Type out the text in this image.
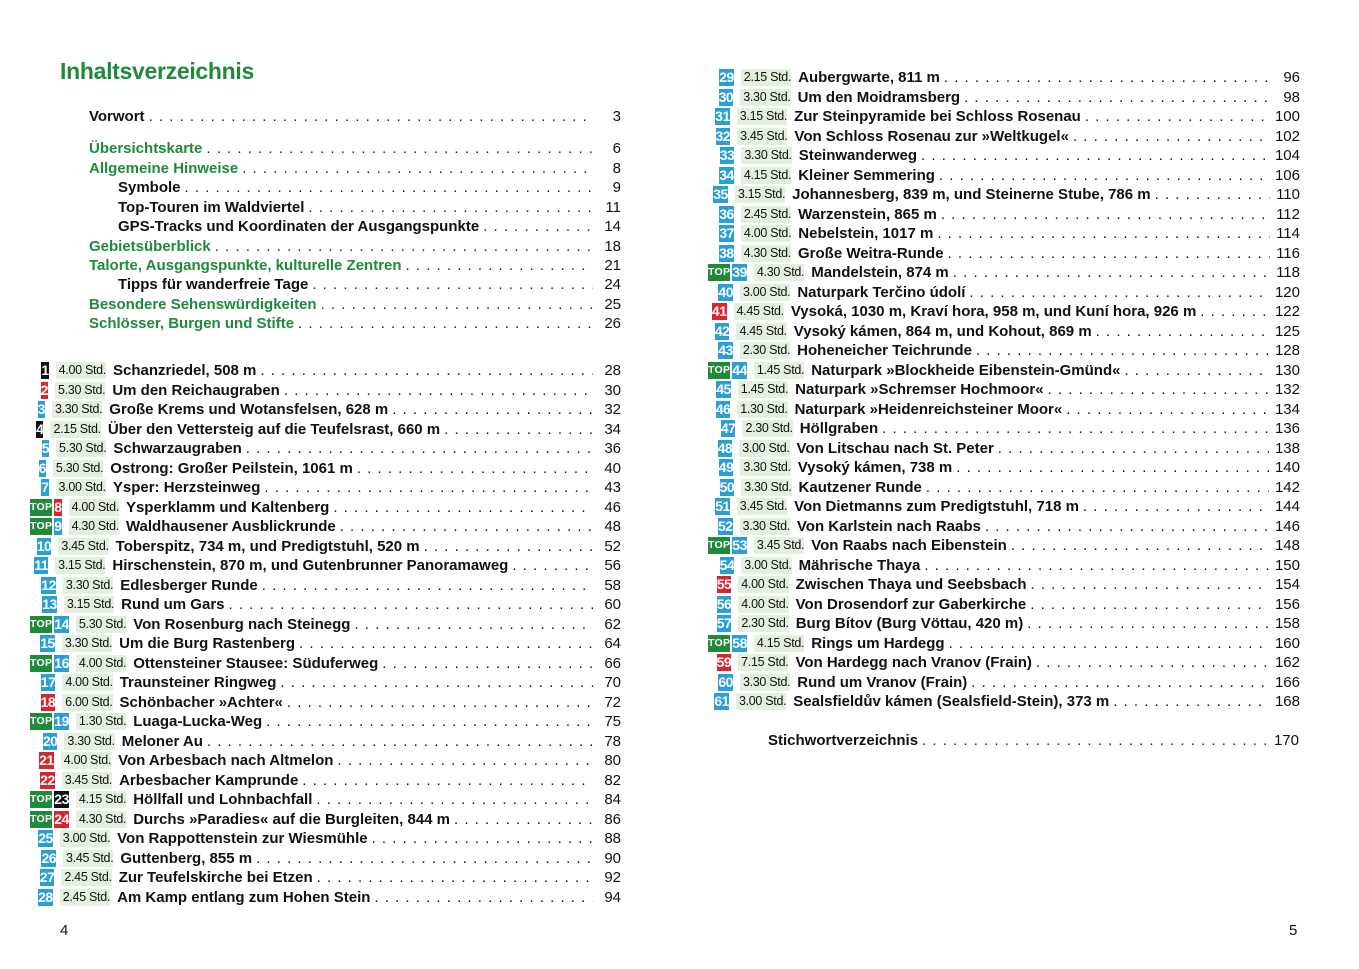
Inhaltsverzeichnis
Vorwort . . .	3
Übersichtskarte . . .	6
Allgemeine Hinweise . . .	8
Symbole . . .	9
Top-Touren im Waldviertel . . .	11
GPS-Tracks und Koordinaten der Ausgangspunkte . . .	14
Gebietsüberblick . . .	18
Talorte, Ausgangspunkte, kulturelle Zentren . . .	21
Tipps für wanderfreie Tage . . .	24
Besondere Sehenswürdigkeiten . . .	25
Schlösser, Burgen und Stifte . . .	26
1 4.00 Std. Schanzriedel, 508 m . . .	28
2 5.30 Std. Um den Reichaugraben . . .	30
3 3.30 Std. Große Krems und Wotansfelsen, 628 m . . .	32
4 2.15 Std. Über den Vettersteig auf die Teufelsrast, 660 m . . .	34
5 5.30 Std. Schwarzaugraben . . .	36
6 5.30 Std. Ostrong: Großer Peilstein, 1061 m . . .	40
7 3.00 Std. Ysper: Herzsteinweg . . .	43
TOP 8 4.00 Std. Ysperklamm und Kaltenberg . . .	46
TOP 9 4.30 Std. Waldhausener Ausblickrunde . . .	48
10 3.45 Std. Toberspitz, 734 m, und Predigtstuhl, 520 m . . .	52
11 3.15 Std. Hirschenstein, 870 m, und Gutenbrunner Panoramaweg . . .	56
12 3.30 Std. Edlesberger Runde . . .	58
13 3.15 Std. Rund um Gars . . .	60
TOP 14 5.30 Std. Von Rosenburg nach Steinegg . . .	62
15 3.30 Std. Um die Burg Rastenberg . . .	64
TOP 16 4.00 Std. Ottensteiner Stausee: Süduferweg . . .	66
17 4.00 Std. Traunsteiner Ringweg . . .	70
18 6.00 Std. Schönbacher »Achter« . . .	72
TOP 19 1.30 Std. Luaga-Lucka-Weg . . .	75
20 3.30 Std. Meloner Au . . .	78
21 4.00 Std. Von Arbesbach nach Altmelon . . .	80
22 3.45 Std. Arbesbacher Kamprunde . . .	82
TOP 23 4.15 Std. Höllfall und Lohnbachfall . . .	84
TOP 24 4.30 Std. Durchs »Paradies« auf die Burgleiten, 844 m . . .	86
25 3.00 Std. Von Rappottenstein zur Wiesmühle . . .	88
26 3.45 Std. Guttenberg, 855 m . . .	90
27 2.45 Std. Zur Teufelskirche bei Etzen . . .	92
28 2.45 Std. Am Kamp entlang zum Hohen Stein . . .	94
29 2.15 Std. Aubergwarte, 811 m . . .	96
30 3.30 Std. Um den Moidramsberg . . .	98
31 3.15 Std. Zur Steinpyramide bei Schloss Rosenau . . .	100
32 3.45 Std. Von Schloss Rosenau zur »Weltkugel« . . .	102
33 3.30 Std. Steinwanderweg . . .	104
34 4.15 Std. Kleiner Semmering . . .	106
35 3.15 Std. Johannesberg, 839 m, und Steinerne Stube, 786 m . . .	110
36 2.45 Std. Warzenstein, 865 m . . .	112
37 4.00 Std. Nebelstein, 1017 m . . .	114
38 4.30 Std. Große Weitra-Runde . . .	116
TOP 39 4.30 Std. Mandelstein, 874 m . . .	118
40 3.00 Std. Naturpark Terčino údolí . . .	120
41 4.45 Std. Vysoká, 1030 m, Kraví hora, 958 m, und Kuní hora, 926 m . . .	122
42 4.45 Std. Vysoký kámen, 864 m, und Kohout, 869 m . . .	125
43 2.30 Std. Hoheneicher Teichrunde . . .	128
TOP 44 1.45 Std. Naturpark »Blockheide Eibenstein-Gmünd« . . .	130
45 1.45 Std. Naturpark »Schremser Hochmoor« . . .	132
46 1.30 Std. Naturpark »Heidenreichsteiner Moor« . . .	134
47 2.30 Std. Höllgraben . . .	136
48 3.00 Std. Von Litschau nach St. Peter . . .	138
49 3.30 Std. Vysoký kámen, 738 m . . .	140
50 3.30 Std. Kautzener Runde . . .	142
51 3.45 Std. Von Dietmanns zum Predigtstuhl, 718 m . . .	144
52 3.30 Std. Von Karlstein nach Raabs . . .	146
TOP 53 3.45 Std. Von Raabs nach Eibenstein . . .	148
54 3.00 Std. Mährische Thaya . . .	150
55 4.00 Std. Zwischen Thaya und Seebsbach . . .	154
56 4.00 Std. Von Drosendorf zur Gaberkirche . . .	156
57 2.30 Std. Burg Bítov (Burg Vöttau, 420 m) . . .	158
TOP 58 4.15 Std. Rings um Hardegg . . .	160
59 7.15 Std. Von Hardegg nach Vranov (Frain) . . .	162
60 3.30 Std. Rund um Vranov (Frain) . . .	166
61 3.00 Std. Sealsfieldův kámen (Sealsfield-Stein), 373 m . . .	168
Stichwortverzeichnis . . .	170
4	5
